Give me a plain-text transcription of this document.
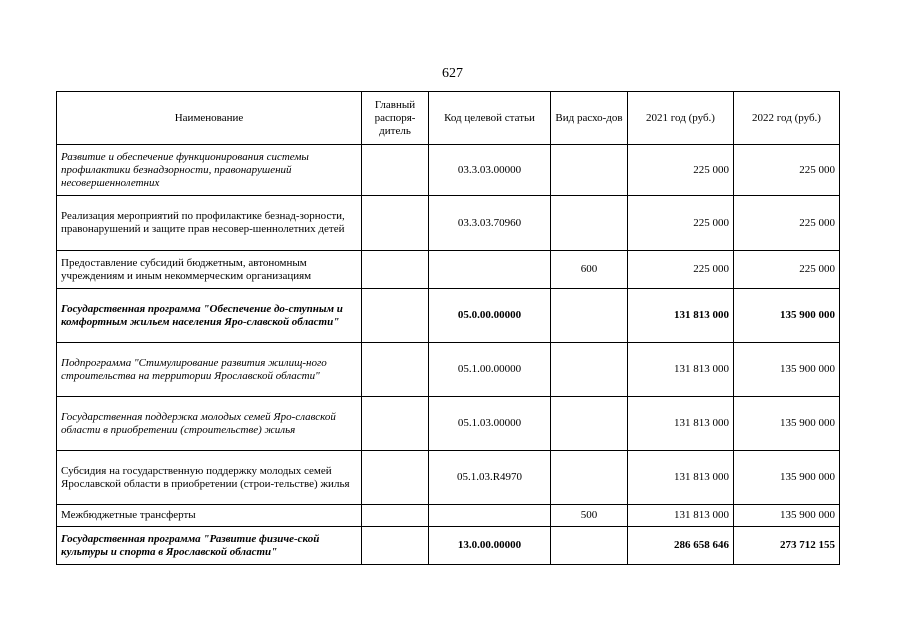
627
Наименование	Главный распоря-дитель	Код целевой статьи	Вид расхо-дов	2021 год (руб.)	2022 год (руб.)
Развитие и обеспечение функционирования системы профилактики безнадзорности, правонарушений несовершеннолетних		03.3.03.00000		225 000	225 000
Реализация мероприятий по профилактике безнад-зорности, правонарушений и защите прав несовер-шеннолетних детей		03.3.03.70960		225 000	225 000
Предоставление субсидий бюджетным, автономным учреждениям и иным некоммерческим организациям			600	225 000	225 000
Государственная программа "Обеспечение до-ступным и комфортным жильем населения Яро-славской области"		05.0.00.00000		131 813 000	135 900 000
Подпрограмма "Стимулирование развития жилищ-ного строительства на территории Ярославской области"		05.1.00.00000		131 813 000	135 900 000
Государственная поддержка молодых семей Яро-славской области в приобретении (строительстве) жилья		05.1.03.00000		131 813 000	135 900 000
Субсидия на государственную поддержку молодых семей Ярославской области в приобретении (строи-тельстве) жилья		05.1.03.R4970		131 813 000	135 900 000
Межбюджетные трансферты			500	131 813 000	135 900 000
Государственная программа "Развитие физиче-ской культуры и спорта в Ярославской области"		13.0.00.00000		286 658 646	273 712 155
